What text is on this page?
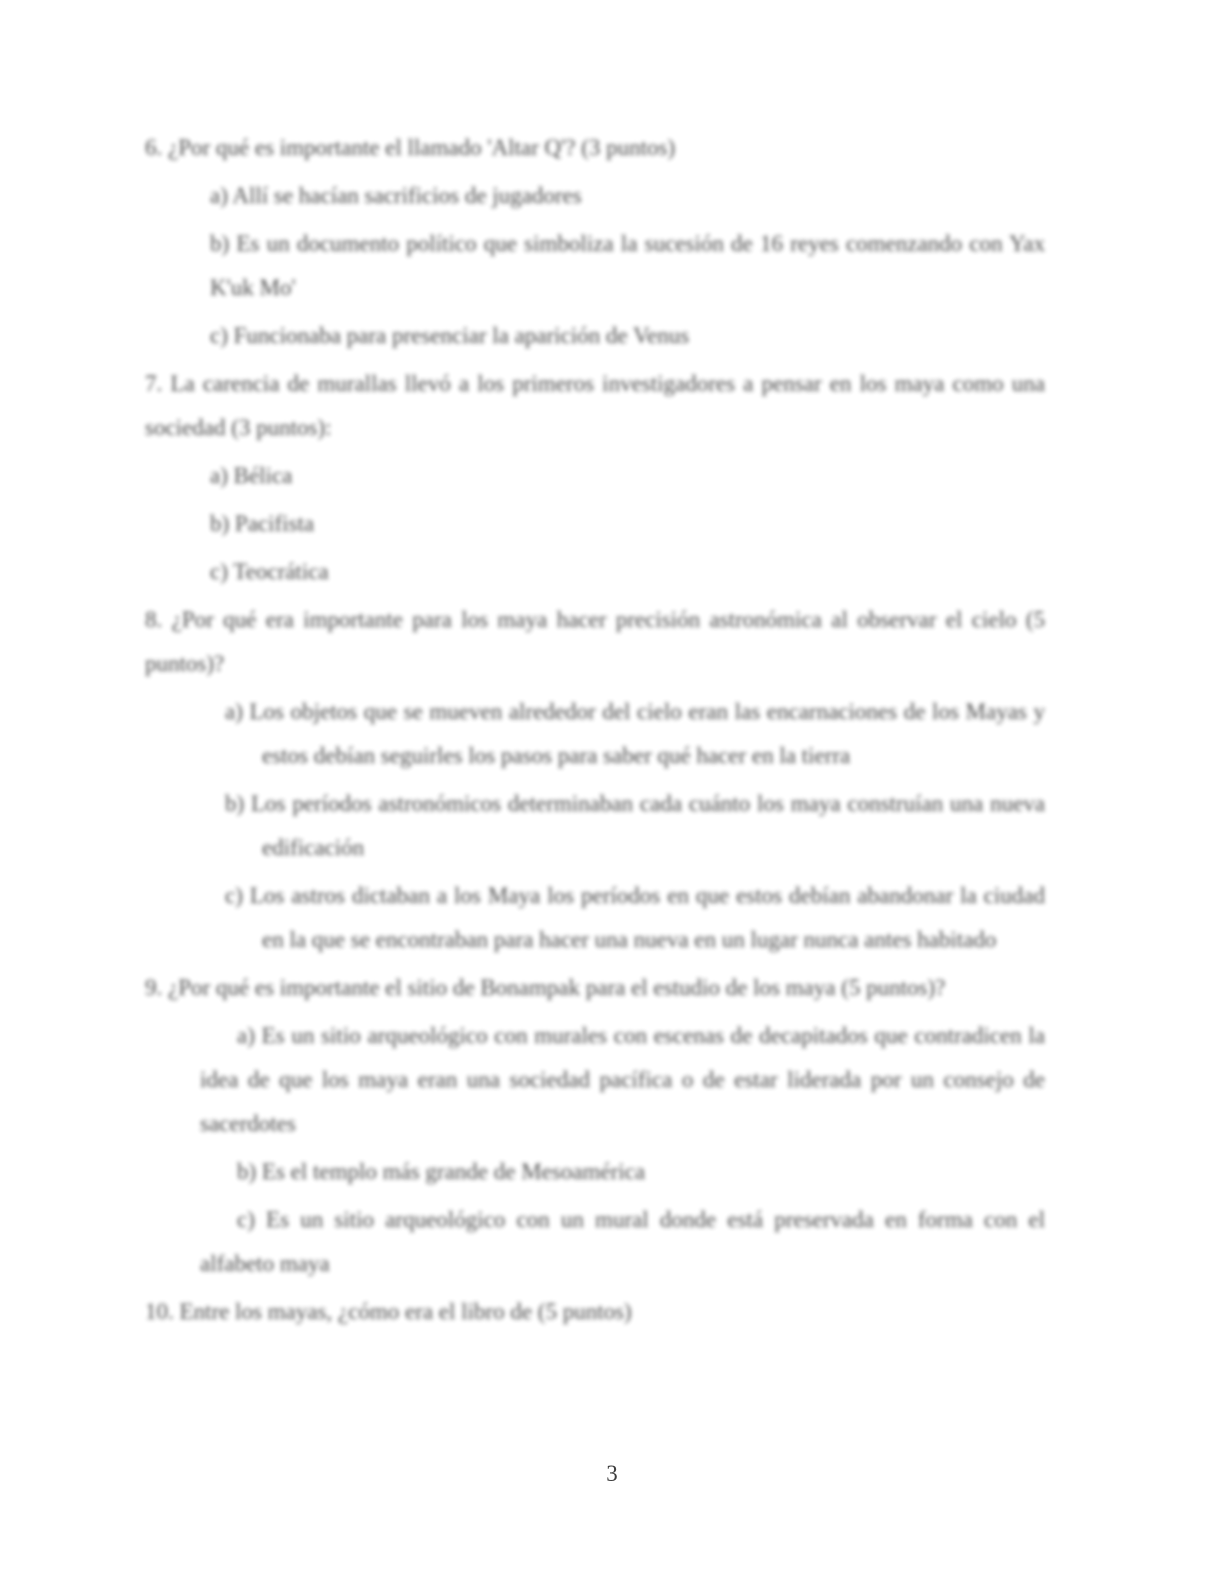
6. ¿Por qué es importante el llamado 'Altar Q'? (3 puntos)

a) Allí se hacían sacrificios de jugadores

b) Es un documento político que simboliza la sucesión de 16 reyes comenzando con Yax K'uk Mo'

c) Funcionaba para presenciar la aparición de Venus

7. La carencia de murallas llevó a los primeros investigadores a pensar en los maya como una sociedad (3 puntos):

a) Bélica

b) Pacifista

c) Teocrática

8. ¿Por qué era importante para los maya hacer precisión astronómica al observar el cielo (5 puntos)?

a) Los objetos que se mueven alrededor del cielo eran las encarnaciones de los Mayas y estos debían seguirles los pasos para saber qué hacer en la tierra

b) Los períodos astronómicos determinaban cada cuánto los maya construían una nueva edificación

c) Los astros dictaban a los Maya los períodos en que estos debían abandonar la ciudad en la que se encontraban para hacer una nueva en un lugar nunca antes habitado

9. ¿Por qué es importante el sitio de Bonampak para el estudio de los maya (5 puntos)?

a) Es un sitio arqueológico con murales con escenas de decapitados que contradicen la idea de que los maya eran una sociedad pacífica o de estar liderada por un consejo de sacerdotes

b) Es el templo más grande de Mesoamérica

c) Es un sitio arqueológico con un mural donde está preservada en forma con el alfabeto maya

10. Entre los mayas, ¿cómo era el libro de (5 puntos)

3
